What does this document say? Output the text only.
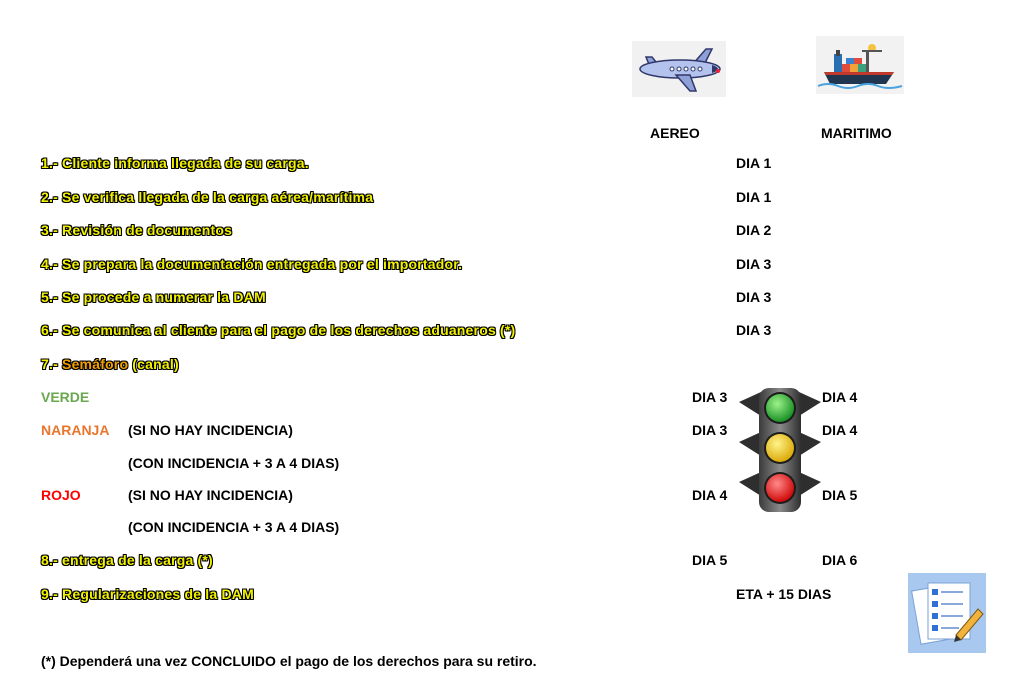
AEREO	MARITIMO
1.- Cliente informa llegada de su carga.	DIA 1
2.- Se verifica llegada de la carga aérea/marítima	DIA 1
3.- Revisión de documentos	DIA 2
4.- Se prepara la documentación entregada por el importador.	DIA 3
5.- Se procede a numerar la DAM	DIA 3
6.- Se comunica al cliente para el pago de los derechos aduaneros (*)	DIA 3
7.- Semáforo (canal)
VERDE	DIA 3	DIA 4
NARANJA (SI NO HAY INCIDENCIA)	DIA 3	DIA 4
(CON INCIDENCIA + 3 A 4 DIAS)
ROJO	(SI NO HAY INCIDENCIA)	DIA 4	DIA 5
(CON INCIDENCIA + 3 A 4 DIAS)
8.- entrega de la carga (*)	DIA 5	DIA 6
9.- Regularizaciones de la DAM	ETA + 15 DIAS
(*) Dependerá una vez CONCLUIDO el pago de los derechos para su retiro.
